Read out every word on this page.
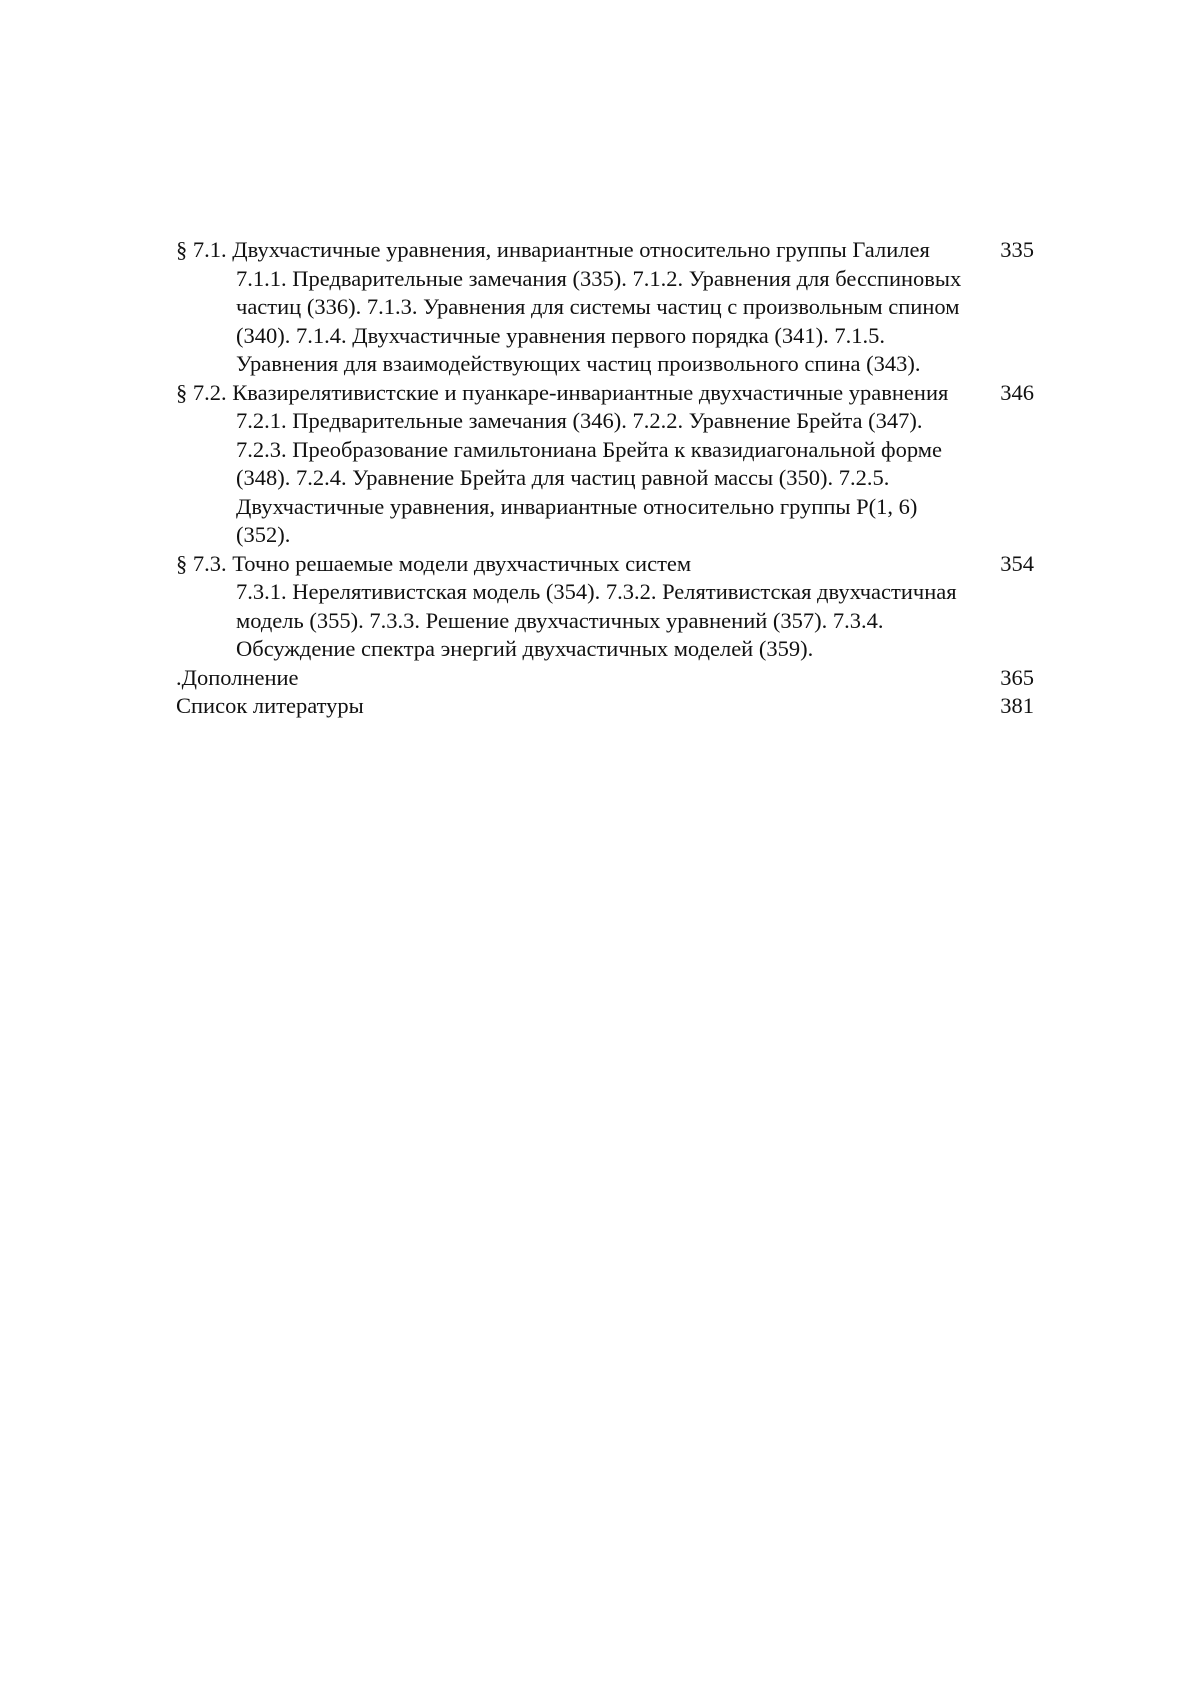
§ 7.1. Двухчастичные уравнения, инвариантные относительно группы Галилея
7.1.1. Предварительные замечания (335). 7.1.2. Уравнения для бесспиновых частиц (336). 7.1.3. Уравнения для системы частиц с произвольным спином (340). 7.1.4. Двухчастичные уравнения первого порядка (341). 7.1.5. Уравнения для взаимодействующих частиц произвольного спина (343).
335
§ 7.2. Квазирелятивистские и пуанкаре-инвариантные двухчастичные уравнения
7.2.1. Предварительные замечания (346). 7.2.2. Уравнение Брейта (347). 7.2.3. Преобразование гамильтониана Брейта к квазидиагональной форме (348). 7.2.4. Уравнение Брейта для частиц равной массы (350). 7.2.5. Двухчастичные уравнения, инвариантные относительно группы P(1, 6) (352).
346
§ 7.3. Точно решаемые модели двухчастичных систем
7.3.1. Нерелятивистская модель (354). 7.3.2. Релятивистская двухчастичная модель (355). 7.3.3. Решение двухчастичных уравнений (357). 7.3.4. Обсуждение спектра энергий двухчастичных моделей (359).
354
.Дополнение	365
Список литературы	381
